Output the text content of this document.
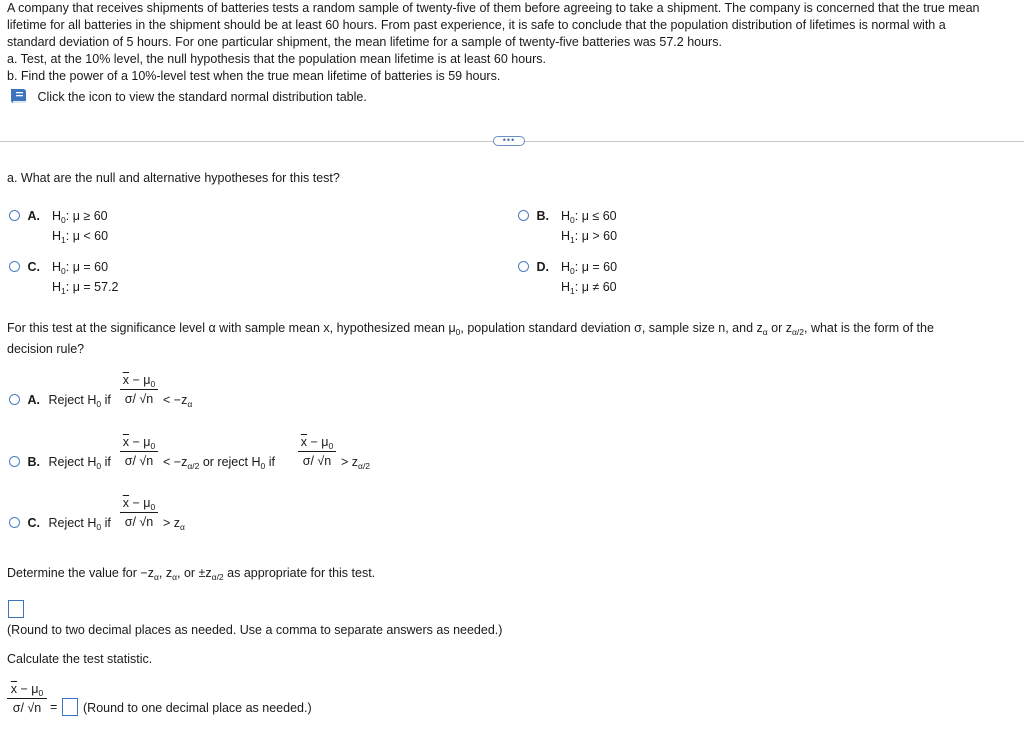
A company that receives shipments of batteries tests a random sample of twenty-five of them before agreeing to take a shipment. The company is concerned that the true mean
lifetime for all batteries in the shipment should be at least 60 hours. From past experience, it is safe to conclude that the population distribution of lifetimes is normal with a
standard deviation of 5 hours. For one particular shipment, the mean lifetime for a sample of twenty-five batteries was 57.2 hours.
a. Test, at the 10% level, the null hypothesis that the population mean lifetime is at least 60 hours.
b. Find the power of a 10%-level test when the true mean lifetime of batteries is 59 hours.
Click the icon to view the standard normal distribution table.
•••
a. What are the null and alternative hypotheses for this test?
A. $H_0$: μ ≥ 60
$H_1$: μ < 60
B. $H_0$: μ ≤ 60
$H_1$: μ > 60
C. $H_0$: μ = 60
$H_1$: μ = 57.2
D. $H_0$: μ = 60
$H_1$: μ ≠ 60
For this test at the significance level α with sample mean x, hypothesized mean $\mu_0$, population standard deviation σ, sample size n, and $z_\alpha$ or $z_{\alpha/2}$, what is the form of the
decision rule?
A. Reject $H_0$ if
$\overline{x} - \mu_0$
σ/ $√n < -z_\alpha$
B. Reject $H_0$ if
$\overline{x} - \mu_0$
σ/ $√n < -z_{\alpha/2}$ or reject $H_0$ if
$\overline{x} - \mu_0$
σ/ $√n > z_{\alpha/2}$
C. Reject $H_0$ if
$\overline{x} - \mu_0$
σ/ $√n > z_\alpha$
Determine the value for $-z_\alpha$, $z_\alpha$, or $\pm z_{\alpha/2}$ as appropriate for this test.
(Round to two decimal places as needed. Use a comma to separate answers as needed.)
Calculate the test statistic.
$\overline{x} - \mu_0$
σ/ √n = (Round to one decimal place as needed.)
